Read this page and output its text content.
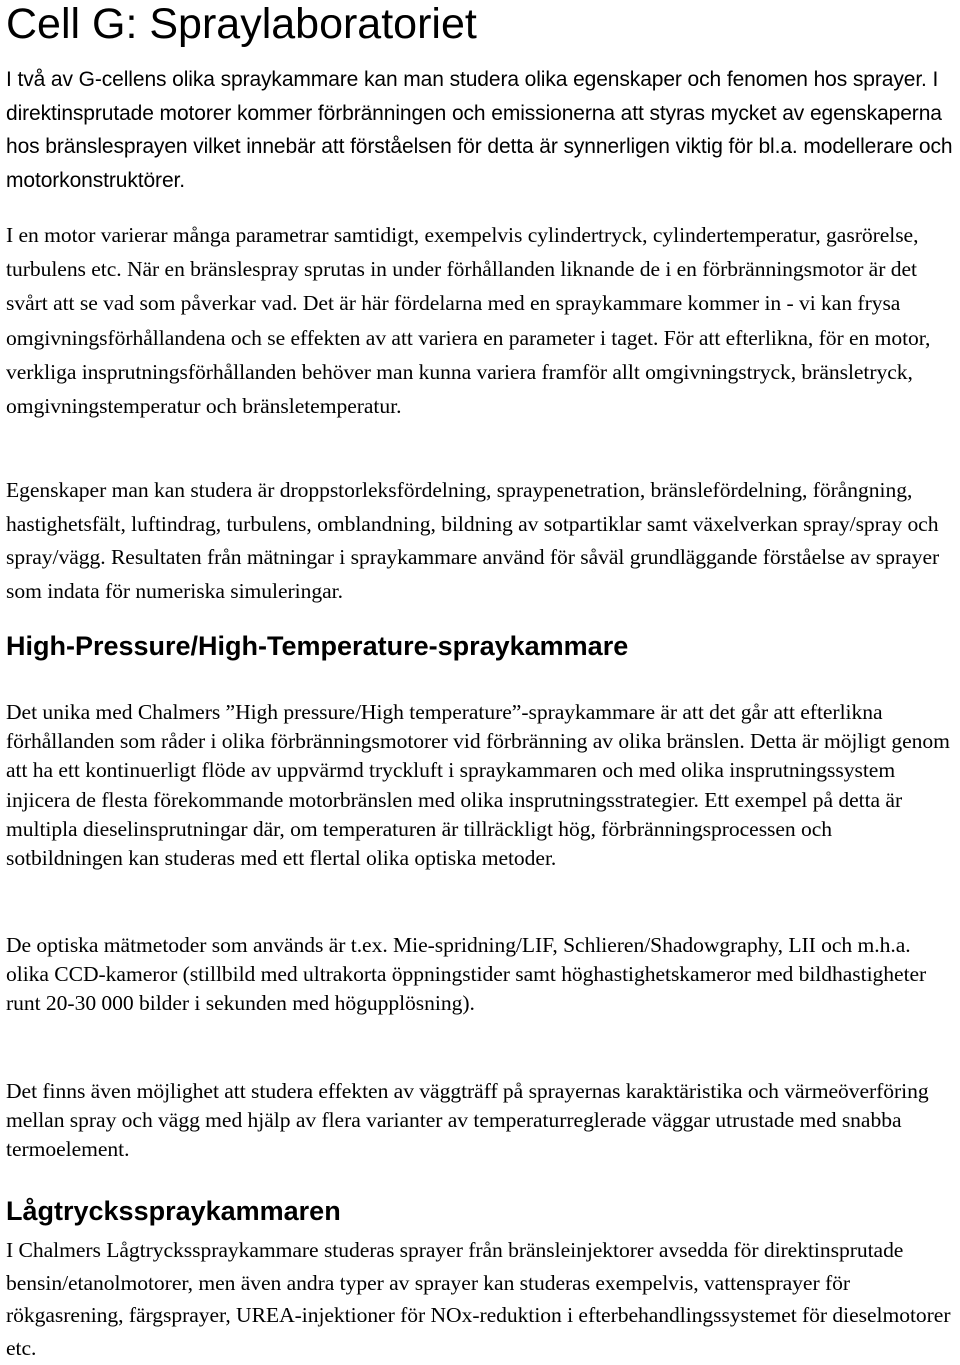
Cell G: Spraylaboratoriet

I två av G-cellens olika spraykammare kan man studera olika egenskaper och fenomen hos sprayer. I direktinsprutade motorer kommer förbränningen och emissionerna att styras mycket av egenskaperna hos bränslesprayen vilket innebär att förståelsen för detta är synnerligen viktig för bl.a. modellerare och motorkonstruktörer.

I en motor varierar många parametrar samtidigt, exempelvis cylindertryck, cylindertemperatur, gasrörelse, turbulens etc. När en bränslespray sprutas in under förhållanden liknande de i en förbränningsmotor är det svårt att se vad som påverkar vad. Det är här fördelarna med en spraykammare kommer in - vi kan frysa omgivningsförhållandena och se effekten av att variera en parameter i taget. För att efterlikna, för en motor, verkliga insprutningsförhållanden behöver man kunna variera framför allt omgivningstryck, bränsletryck, omgivningstemperatur och bränsletemperatur.

Egenskaper man kan studera är droppstorleksfördelning, spraypenetration, bränslefördelning, förångning, hastighetsfält, luftindrag, turbulens, omblandning, bildning av sotpartiklar samt växelverkan spray/spray och spray/vägg. Resultaten från mätningar i spraykammare använd för såväl grundläggande förståelse av sprayer som indata för numeriska simuleringar.

High-Pressure/High-Temperature-spraykammare

Det unika med Chalmers ”High pressure/High temperature”-spraykammare är att det går att efterlikna förhållanden som råder i olika förbränningsmotorer vid förbränning av olika bränslen. Detta är möjligt genom att ha ett kontinuerligt flöde av uppvärmd tryckluft i spraykammaren och med olika insprutningssystem injicera de flesta förekommande motorbränslen med olika insprutningsstrategier. Ett exempel på detta är multipla dieselinsprutningar där, om temperaturen är tillräckligt hög, förbränningsprocessen och sotbildningen kan studeras med ett flertal olika optiska metoder.

De optiska mätmetoder som används är t.ex. Mie-spridning/LIF, Schlieren/Shadowgraphy, LII och m.h.a. olika CCD-kameror (stillbild med ultrakorta öppningstider samt höghastighetskameror med bildhastigheter runt 20-30 000 bilder i sekunden med högupplösning).

Det finns även möjlighet att studera effekten av väggträff på sprayernas karaktäristika och värmeöverföring mellan spray och vägg med hjälp av flera varianter av temperaturreglerade väggar utrustade med snabba termoelement.

Lågtrycksspraykammaren

I Chalmers Lågtrycksspraykammare studeras sprayer från bränsleinjektorer avsedda för direktinsprutade bensin/etanolmotorer, men även andra typer av sprayer kan studeras exempelvis, vattensprayer för rökgasrening, färgsprayer, UREA-injektioner för NOx-reduktion i efterbehandlingssystemet för dieselmotorer etc.
